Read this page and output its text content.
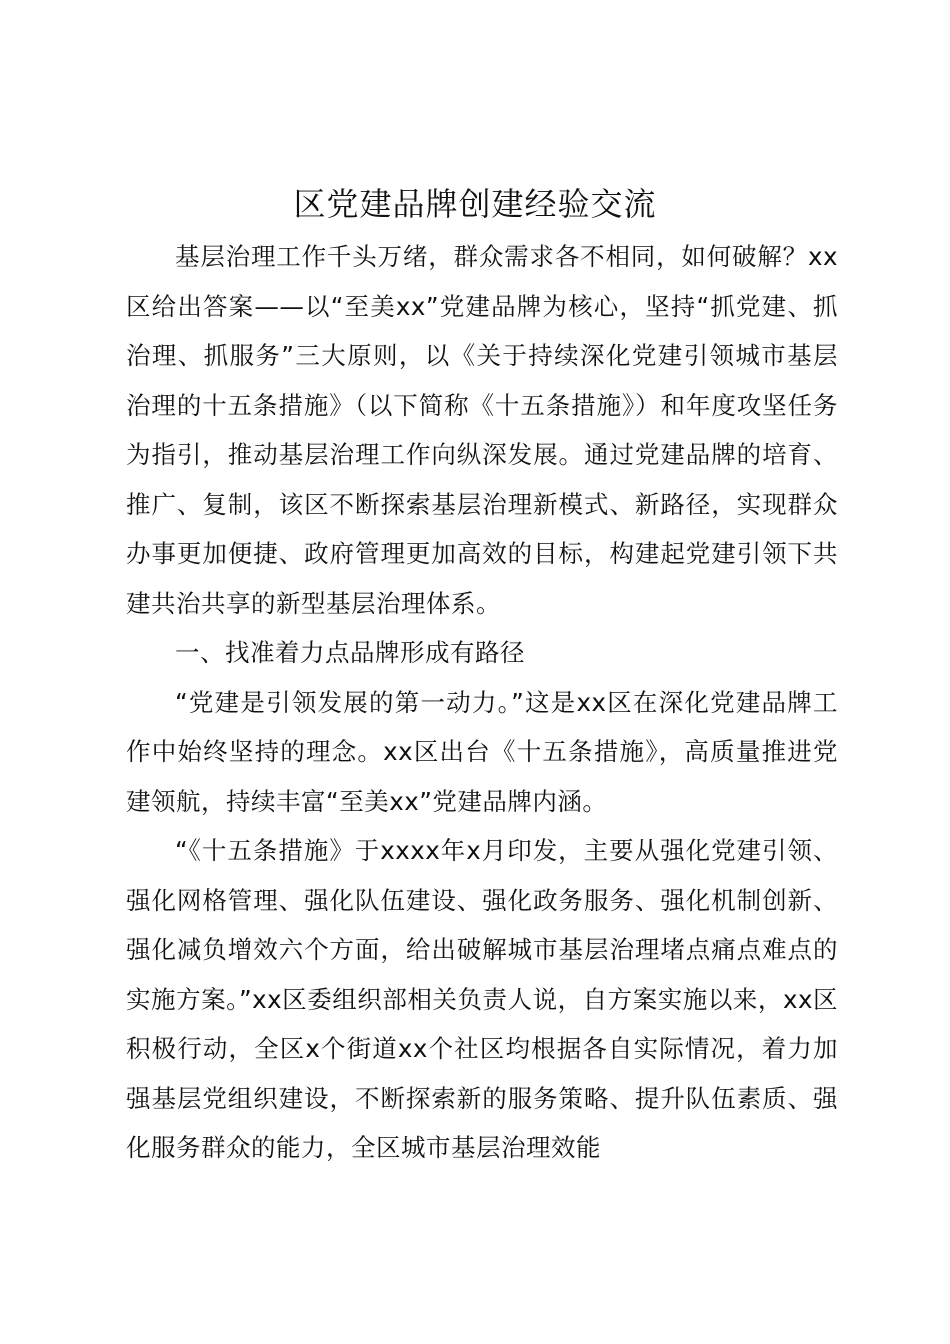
区党建品牌创建经验交流

基层治理工作千头万绪，群众需求各不相同，如何破解？xx区给出答案——以“至美xx”党建品牌为核心，坚持“抓党建、抓治理、抓服务”三大原则，以《关于持续深化党建引领城市基层治理的十五条措施》（以下简称《十五条措施》）和年度攻坚任务为指引，推动基层治理工作向纵深发展。通过党建品牌的培育、推广、复制，该区不断探索基层治理新模式、新路径，实现群众办事更加便捷、政府管理更加高效的目标，构建起党建引领下共建共治共享的新型基层治理体系。

一、找准着力点品牌形成有路径

“党建是引领发展的第一动力。”这是xx区在深化党建品牌工作中始终坚持的理念。xx区出台《十五条措施》，高质量推进党建领航，持续丰富“至美xx”党建品牌内涵。

“《十五条措施》于xxxx年x月印发，主要从强化党建引领、强化网格管理、强化队伍建设、强化政务服务、强化机制创新、强化减负增效六个方面，给出破解城市基层治理堵点痛点难点的实施方案。”xx区委组织部相关负责人说，自方案实施以来，xx区积极行动，全区x个街道xx个社区均根据各自实际情况，着力加强基层党组织建设，不断探索新的服务策略、提升队伍素质、强化服务群众的能力，全区城市基层治理效能
